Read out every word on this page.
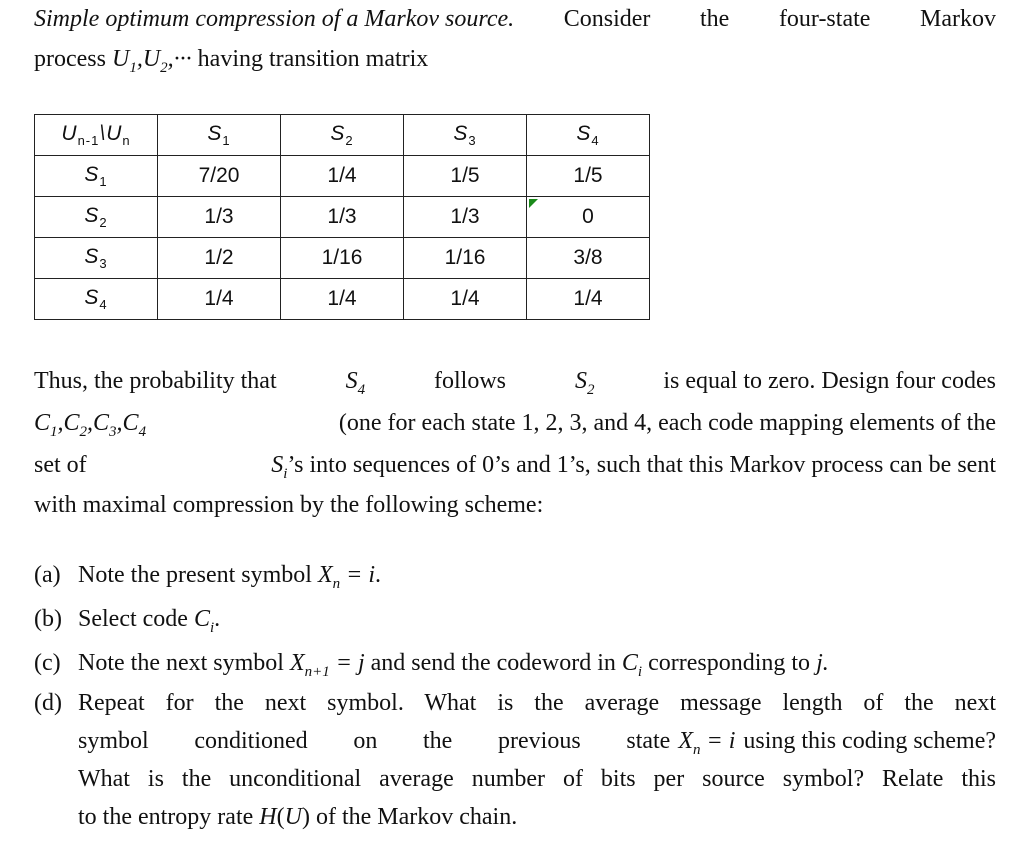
Simple optimum compression of a Markov source. Consider the four-state Markov
process $U_1,U_2,\cdot\cdot\cdot$ having transition matrix
$U_{n-1}\backslash U_n$	$S_1$	$S_2$	$S_3$	$S_4$
$S_1$	7/20	1/4	1/5	1/5
$S_2$	1/3	1/3	1/3	0
$S_3$	1/2	1/16	1/16	3/8
$S_4$	1/4	1/4	1/4	1/4
Thus, the probability that	$S_4$	follows	$S_2$	is equal to zero. Design four codes
$C_1,C_2,C_3,C_4$	(one for each state 1, 2, 3, and 4, each code mapping elements of the
set of	$S_i’s$ into sequences of 0’s and 1’s, such that this Markov process can be sent
with maximal compression by the following scheme:
(a) Note the present symbol $X_n = i$.
(b) Select code $C_i$.
(c) Note the next symbol $X_{n+1} = j$ and send the codeword in $C_i$ corresponding to j.
(d) Repeat for the next symbol. What is the average message length of the next
symbol conditioned on the previous state $X_n = i$ using this coding scheme?
What is the unconditional average number of bits per source symbol? Relate this
to the entropy rate H(U) of the Markov chain.
